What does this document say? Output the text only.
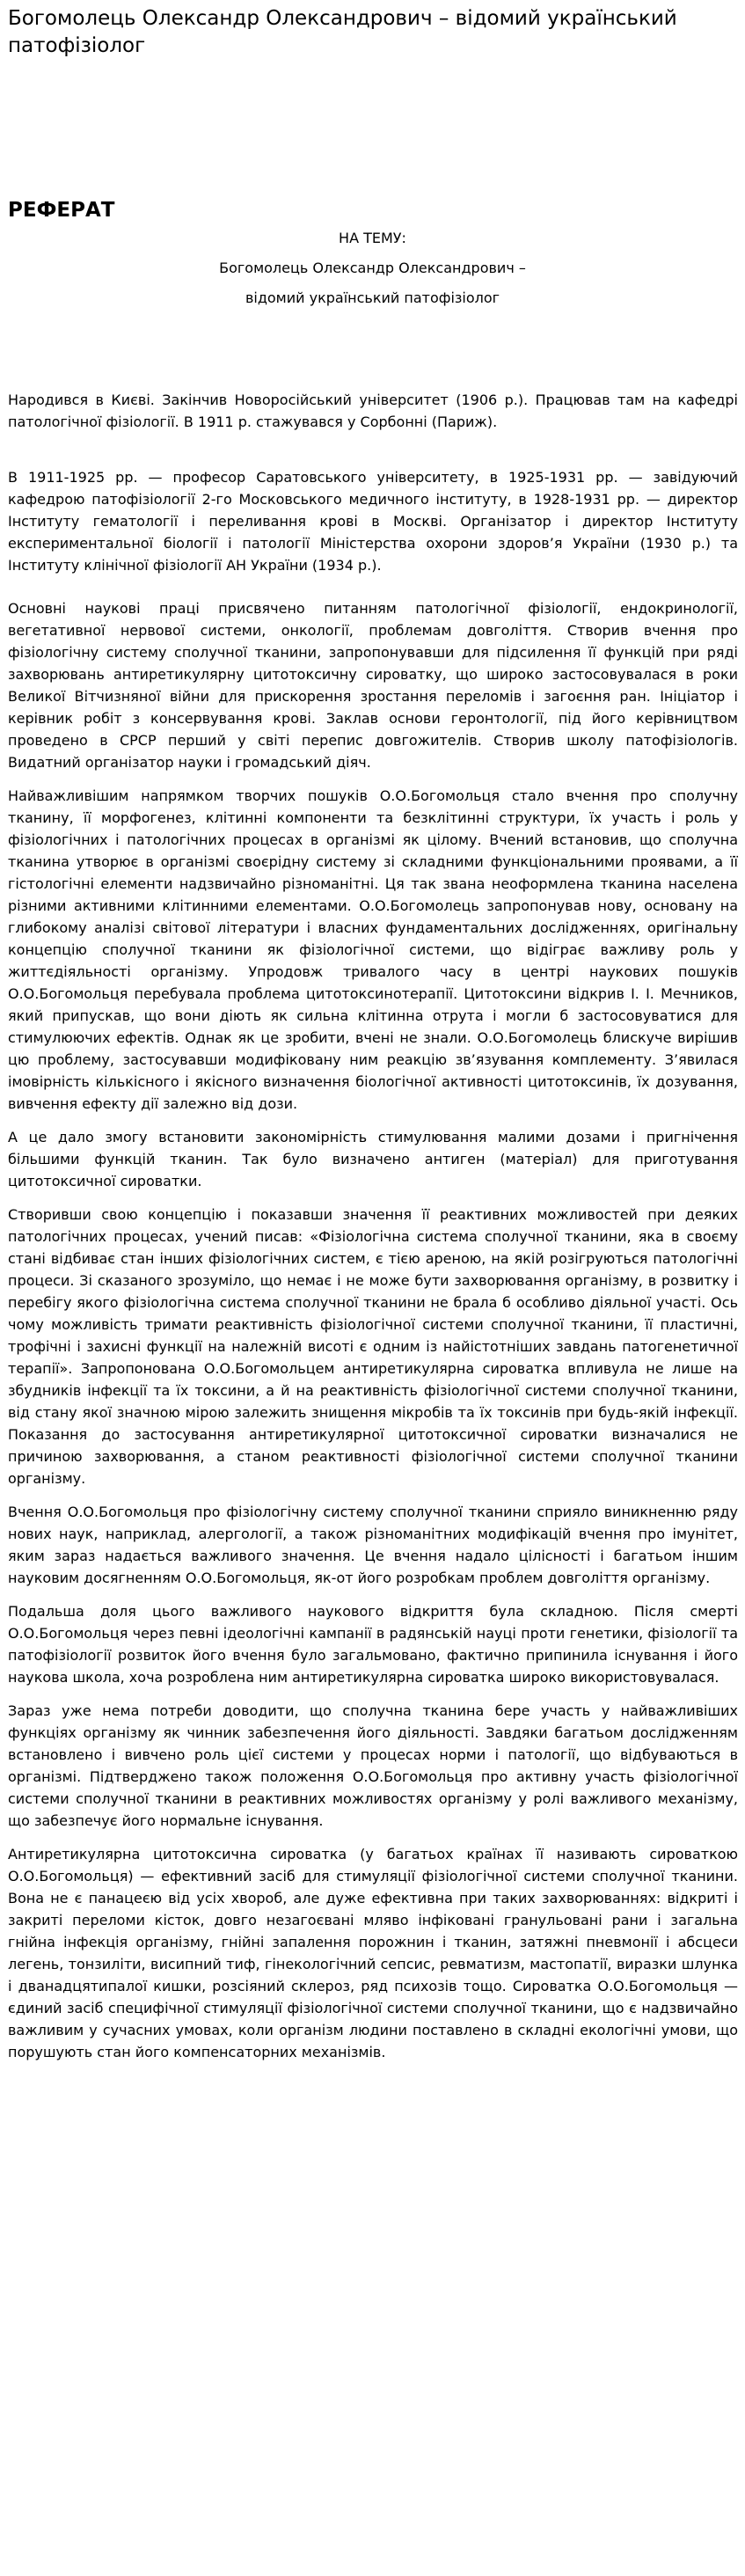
Богомолець Олександр Олександрович – відомий український патофізіолог
РЕФЕРАТ
НА ТЕМУ:
Богомолець Олександр Олександрович –
відомий український патофізіолог

Народився в Києві. Закінчив Новоросійський університет (1906 р.). Працював там на кафедрі патологічної фізіології. В 1911 р. стажувався у Сорбонні (Париж).

В 1911-1925 рр. — професор Саратовського університету, в 1925-1931 рр. — завідуючий кафедрою патофізіології 2-го Московського медичного інституту, в 1928-1931 рр. — директор Інституту гематології і переливання крові в Москві. Організатор і директор Інституту експериментальної біології і патології Міністерства охорони здоров’я України (1930 р.) та Інституту клінічної фізіології АН України (1934 р.).

Основні наукові праці присвячено питанням патологічної фізіології, ендокринології, вегетативної нервової системи, онкології, проблемам довголіття. Створив вчення про фізіологічну систему сполучної тканини, запропонувавши для підсилення її функцій при ряді захворювань антиретикулярну цитотоксичну сироватку, що широко застосовувалася в роки Великої Вітчизняної війни для прискорення зростання переломів і загоєння ран. Ініціатор і керівник робіт з консервування крові. Заклав основи геронтології, під його керівництвом проведено в СРСР перший у світі перепис довгожителів. Створив школу патофізіологів. Видатний організатор науки і громадський діяч.

Найважливішим напрямком творчих пошуків О.О.Богомольця стало вчення про сполучну тканину, її морфогенез, клітинні компоненти та безклітинні структури, їх участь і роль у фізіологічних і патологічних процесах в організмі як цілому. Вчений встановив, що сполучна тканина утворює в організмі своєрідну систему зі складними функціональними проявами, а її гістологічні елементи надзвичайно різноманітні. Ця так звана неоформлена тканина населена різними активними клітинними елементами. О.О.Богомолець запропонував нову, основану на глибокому аналізі світової літератури і власних фундаментальних дослідженнях, оригінальну концепцію сполучної тканини як фізіологічної системи, що відіграє важливу роль у життєдіяльності організму. Упродовж тривалого часу в центрі наукових пошуків О.О.Богомольця перебувала проблема цитотоксинотерапії. Цитотоксини відкрив І. І. Мечников, який припускав, що вони діють як сильна клітинна отрута і могли б застосовуватися для стимулюючих ефектів. Однак як це зробити, вчені не знали. О.О.Богомолець блискуче вирішив цю проблему, застосувавши модифіковану ним реакцію зв’язування комплементу. З’явилася імовірність кількісного і якісного визначення біологічної активності цитотоксинів, їх дозування, вивчення ефекту дії залежно від дози.

А це дало змогу встановити закономірність стимулювання малими дозами і пригнічення більшими функцій тканин. Так було визначено антиген (матеріал) для приготування цитотоксичної сироватки.

Створивши свою концепцію і показавши значення її реактивних можливостей при деяких патологічних процесах, учений писав: «Фізіологічна система сполучної тканини, яка в своєму стані відбиває стан інших фізіологічних систем, є тією ареною, на якій розігруються патологічні процеси. Зі сказаного зрозуміло, що немає і не може бути захворювання організму, в розвитку і перебігу якого фізіологічна система сполучної тканини не брала б особливо діяльної участі. Ось чому можливість тримати реактивність фізіологічної системи сполучної тканини, її пластичні, трофічні і захисні функції на належній висоті є одним із найістотніших завдань патогенетичної терапії». Запропонована О.О.Богомольцем антиретикулярна сироватка впливула не лише на збудників інфекції та їх токсини, а й на реактивність фізіологічної системи сполучної тканини, від стану якої значною мірою залежить знищення мікробів та їх токсинів при будь-якій інфекції. Показання до застосування антиретикулярної цитотоксичної сироватки визначалися не причиною захворювання, а станом реактивності фізіологічної системи сполучної тканини організму.

Вчення О.О.Богомольця про фізіологічну систему сполучної тканини сприяло виникненню ряду нових наук, наприклад, алергології, а також різноманітних модифікацій вчення про імунітет, яким зараз надається важливого значення. Це вчення надало цілісності і багатьом іншим науковим досягненням О.О.Богомольця, як-от його розробкам проблем довголіття організму.

Подальша доля цього важливого наукового відкриття була складною. Після смерті О.О.Богомольця через певні ідеологічні кампанії в радянській науці проти генетики, фізіології та патофізіології розвиток його вчення було загальмовано, фактично припинила існування і його наукова школа, хоча розроблена ним антиретикулярна сироватка широко використовувалася.

Зараз уже нема потреби доводити, що сполучна тканина бере участь у найважливіших функціях організму як чинник забезпечення його діяльності. Завдяки багатьом дослідженням встановлено і вивчено роль цієї системи у процесах норми і патології, що відбуваються в організмі. Підтверджено також положення О.О.Богомольця про активну участь фізіологічної системи сполучної тканини в реактивних можливостях організму у ролі важливого механізму, що забезпечує його нормальне існування.

Антиретикулярна цитотоксична сироватка (у багатьох країнах її називають сироваткою О.О.Богомольця) — ефективний засіб для стимуляції фізіологічної системи сполучної тканини. Вона не є панацеєю від усіх хвороб, але дуже ефективна при таких захворюваннях: відкриті і закриті переломи кісток, довго незагоєвані мляво інфіковані гранульовані рани і загальна гнійна інфекція організму, гнійні запалення порожнин і тканин, затяжні пневмонії і абсцеси легень, тонзиліти, висипний тиф, гінекологічний сепсис, ревматизм, мастопатії, виразки шлунка і дванадцятипалої кишки, розсіяний склероз, ряд психозів тощо. Сироватка О.О.Богомольця — єдиний засіб специфічної стимуляції фізіологічної системи сполучної тканини, що є надзвичайно важливим у сучасних умовах, коли організм людини поставлено в складні екологічні умови, що порушують стан його компенсаторних механізмів.
